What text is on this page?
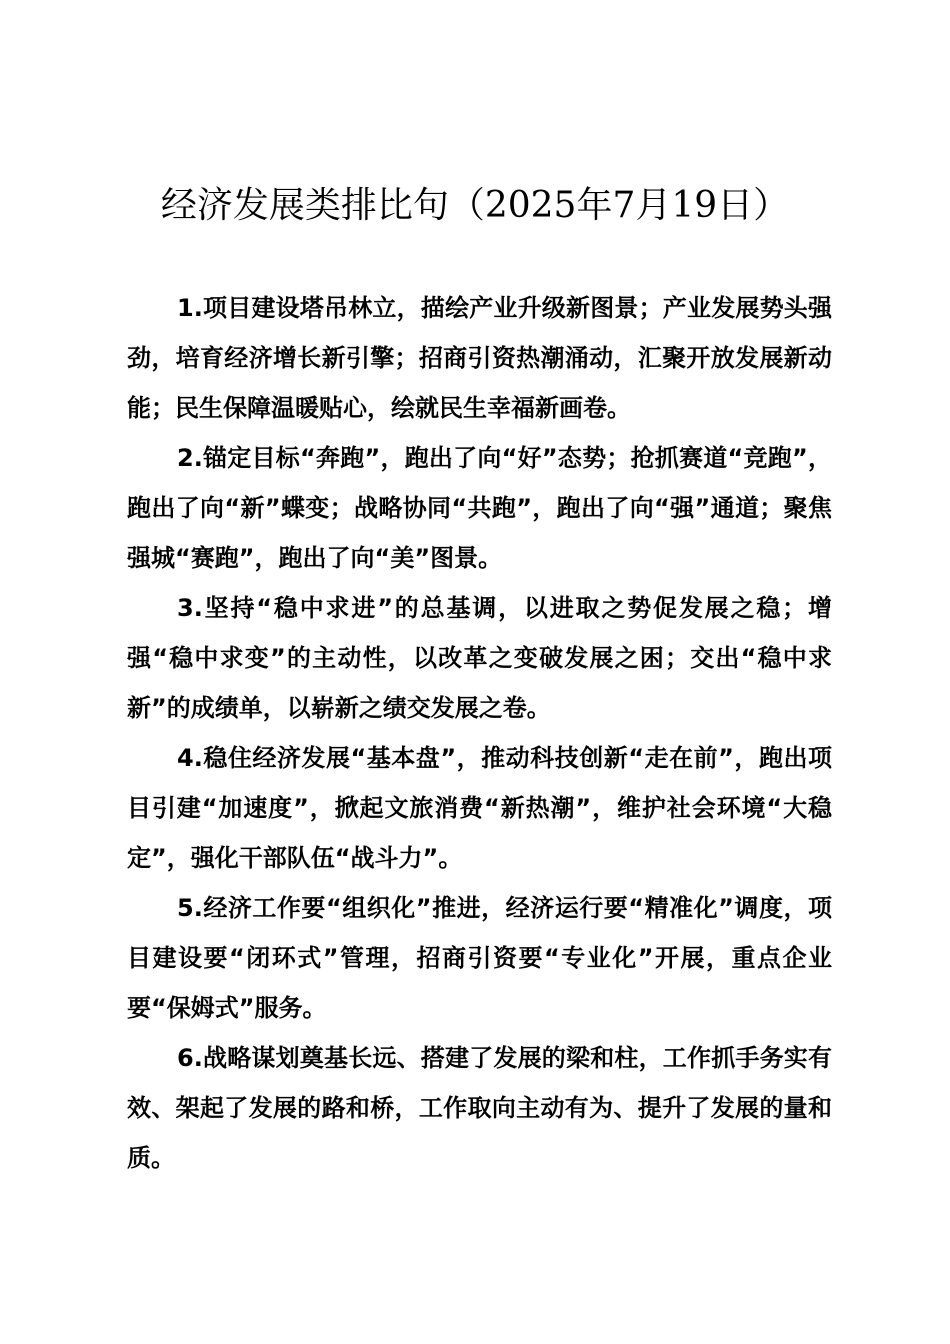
经济发展类排比句（2025年7月19日）

1.项目建设塔吊林立，描绘产业升级新图景；产业发展势头强劲，培育经济增长新引擎；招商引资热潮涌动，汇聚开放发展新动能；民生保障温暖贴心，绘就民生幸福新画卷。

2.锚定目标“奔跑”，跑出了向“好”态势；抢抓赛道“竞跑”，跑出了向“新”蝶变；战略协同“共跑”，跑出了向“强”通道；聚焦强城“赛跑”，跑出了向“美”图景。

3.坚持“稳中求进”的总基调，以进取之势促发展之稳；增强“稳中求变”的主动性，以改革之变破发展之困；交出“稳中求新”的成绩单，以崭新之绩交发展之卷。

4.稳住经济发展“基本盘”，推动科技创新“走在前”，跑出项目引建“加速度”，掀起文旅消费“新热潮”，维护社会环境“大稳定”，强化干部队伍“战斗力”。

5.经济工作要“组织化”推进，经济运行要“精准化”调度，项目建设要“闭环式”管理，招商引资要“专业化”开展，重点企业要“保姆式”服务。

6.战略谋划奠基长远、搭建了发展的梁和柱，工作抓手务实有效、架起了发展的路和桥，工作取向主动有为、提升了发展的量和质。
